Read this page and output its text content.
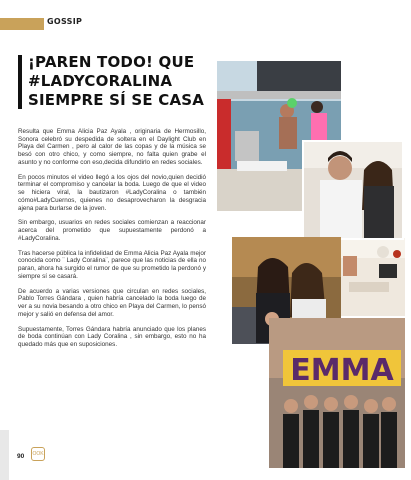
GOSSIP
¡PAREN TODO! QUE
#LADYCORALINA
SIEMPRE SÍ SE CASA

Resulta que Emma Alicia Paz Ayala , originaria de Hermosillo, Sonora celebró su despedida de soltera en el Daylight Club en Playa del Carmen , pero al calor de las copas y de la música se besó con otro chico, y como siempre, no falta quien grabe el asunto y no conforme con eso,decida difundirlo en redes sociales.

En pocos minutos el video llegó a los ojos del novio,quien decidió terminar el compromiso y cancelar la boda. Luego de que el video se hiciera viral, la bautizaron #LadyCoralina o también cómo#LadyCuernos, quienes no desaprovecharon la desgracia ajena para burlarse de la joven.

Sin embargo, usuarios en redes sociales comienzan a reaccionar acerca del prometido que supuestamente perdonó a #LadyCoralina.

Tras hacerse pública la infidelidad de Emma Alicia Paz Ayala mejor conocida como ¨ Lady Coralina¨, parece que las noticias de ella no paran, ahora ha surgido el rumor de que su prometido la perdonó y siempre sí se casará.

De acuerdo a varias versiones que circulan en redes sociales, Pablo Torres Gándara , quien habría cancelado la boda luego de ver a su novia besando a otro chico en Playa del Carmen, lo pensó mejor y salió en defensa del amor.

Supuestamente, Torres Gándara habría anunciado que los planes de boda continúan con Lady Coralina , sin embargo, esto no ha quedado más que en suposiciones.

EMMA
90 OOK
